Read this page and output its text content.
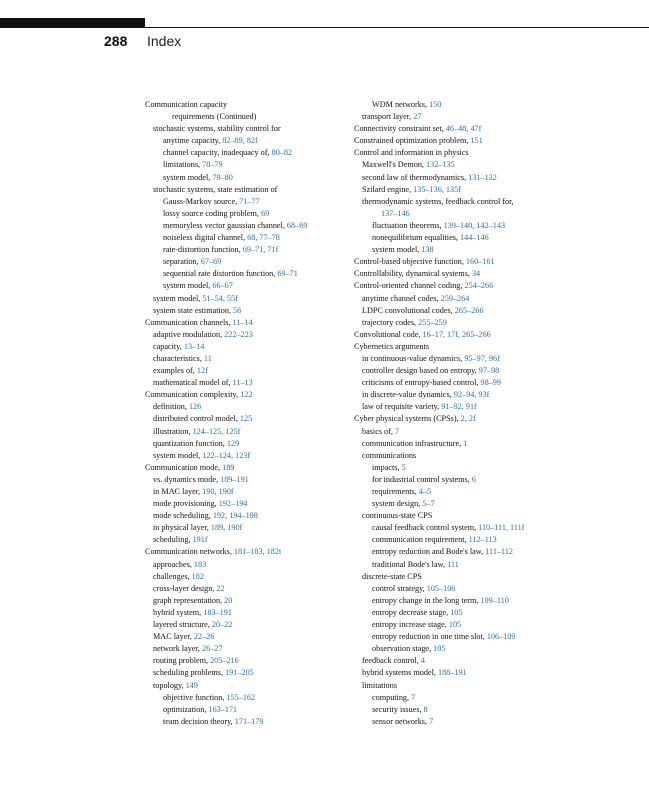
288 Index
Communication capacity
requirements (Continued)
stochastic systems, stability control for
anytime capacity, 82–89, 82f
channel capacity, inadequacy of, 80–82
limitations, 78–79
system model, 79–80
stochastic systems, state estimation of
Gauss-Markov source, 71–77
lossy source coding problem, 69
memoryless vector gaussian channel, 68–69
noiseless digital channel, 68, 77–78
rate-distortion function, 69–71, 71f
separation, 67–69
sequential rate distortion function, 69–71
system model, 66–67
system model, 51–54, 55f
system state estimation, 56
Communication channels, 11–14
adaptive modulation, 222–223
capacity, 13–14
characteristics, 11
examples of, 12f
mathematical model of, 11–13
Communication complexity, 122
definition, 126
distributed control model, 125
illustration, 124–125, 125f
quantization function, 129
system model, 122–124, 123f
Communication mode, 189
vs. dynamics mode, 189–191
in MAC layer, 190, 190f
mode provisioning, 192–194
mode scheduling, 192, 194–198
in physical layer, 189, 190f
scheduling, 191f
Communication networks, 181–183, 182t
approaches, 183
challenges, 182
cross-layer design, 22
graph representation, 20
hybrid system, 183–191
layered structure, 20–22
MAC layer, 22–26
network layer, 26–27
routing problem, 205–216
scheduling problems, 191–205
topology, 149
objective function, 155–162
optimization, 163–171
team decision theory, 171–179
WDM networks, 150
transport layer, 27
Connectivity constraint set, 46–48, 47f
Constrained optimization problem, 151
Control and information in physics
Maxwell's Demon, 132–135
second law of thermodynamics, 131–132
Szilard engine, 135–136, 135f
thermodynamic systems, feedback control for,
137–146
fluctuation theorems, 139–140, 142–143
nonequilibrium equalities, 144–146
system model, 138
Control-based objective function, 160–161
Controllability, dynamical systems, 34
Control-oriented channel coding, 254–266
anytime channel codes, 259–264
LDPC convolutional codes, 265–266
trajectory codes, 255–259
Convolutional code, 16–17, 17f, 265–266
Cybernetics arguments
in continuous-value dynamics, 95–97, 96f
controller design based on entropy, 97–98
criticisms of entropy-based control, 98–99
in discrete-value dynamics, 92–94, 93f
law of requisite variety, 91–92, 91f
Cyber physical systems (CPSs), 2, 2f
basics of, 7
communication infrastructure, 1
communications
impacts, 5
for industrial control systems, 6
requirements, 4–5
system design, 5–7
continuous-state CPS
causal feedback control system, 110–111, 111f
communication requirement, 112–113
entropy reduction and Bode's law, 111–112
traditional Bode's law, 111
discrete-state CPS
control strategy, 105–106
entropy change in the long term, 109–110
entropy decrease stage, 105
entropy increase stage, 105
entropy reduction in one time slot, 106–109
observation stage, 105
feedback control, 4
hybrid systems model, 188–191
limitations
computing, 7
security issues, 8
sensor networks, 7
